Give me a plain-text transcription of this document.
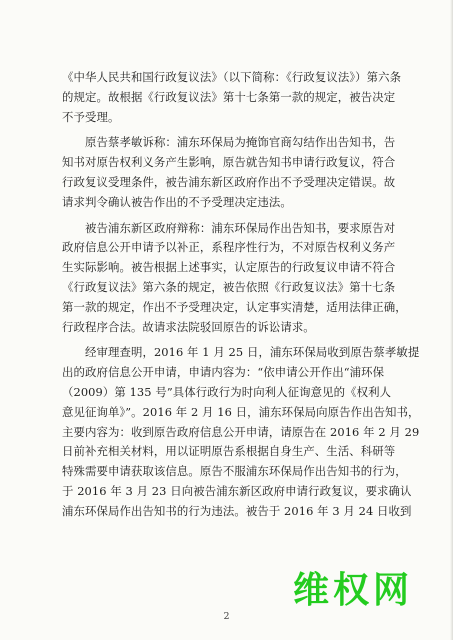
《中华人民共和国行政复议法》（以下简称：《行政复议法》）第六条
的规定。故根据《行政复议法》第十七条第一款的规定，被告决定
不予受理。
原告蔡孝敏诉称：浦东环保局为掩饰官商勾结作出告知书，告
知书对原告权利义务产生影响，原告就告知书申请行政复议，符合
行政复议受理条件，被告浦东新区政府作出不予受理决定错误。故
请求判令确认被告作出的不予受理决定违法。
被告浦东新区政府辩称：浦东环保局作出告知书，要求原告对
政府信息公开申请予以补正，系程序性行为，不对原告权利义务产
生实际影响。被告根据上述事实，认定原告的行政复议申请不符合
《行政复议法》第六条的规定，被告依照《行政复议法》第十七条
第一款的规定，作出不予受理决定，认定事实清楚，适用法律正确，
行政程序合法。故请求法院驳回原告的诉讼请求。
经审理查明，2016 年 1 月 25 日，浦东环保局收到原告蔡孝敏提
出的政府信息公开申请，申请内容为：“依申请公开作出“浦环保
（2009）第 135 号”具体行政行为时向利人征询意见的《权利人
意见征询单》”。2016 年 2 月 16 日，浦东环保局向原告作出告知书，
主要内容为：收到原告政府信息公开申请，请原告在 2016 年 2 月 29
日前补充相关材料，用以证明原告系根据自身生产、生活、科研等
特殊需要申请获取该信息。原告不服浦东环保局作出告知书的行为，
于 2016 年 3 月 23 日向被告浦东新区政府申请行政复议，要求确认
浦东环保局作出告知书的行为违法。被告于 2016 年 3 月 24 日收到
维权网
2
